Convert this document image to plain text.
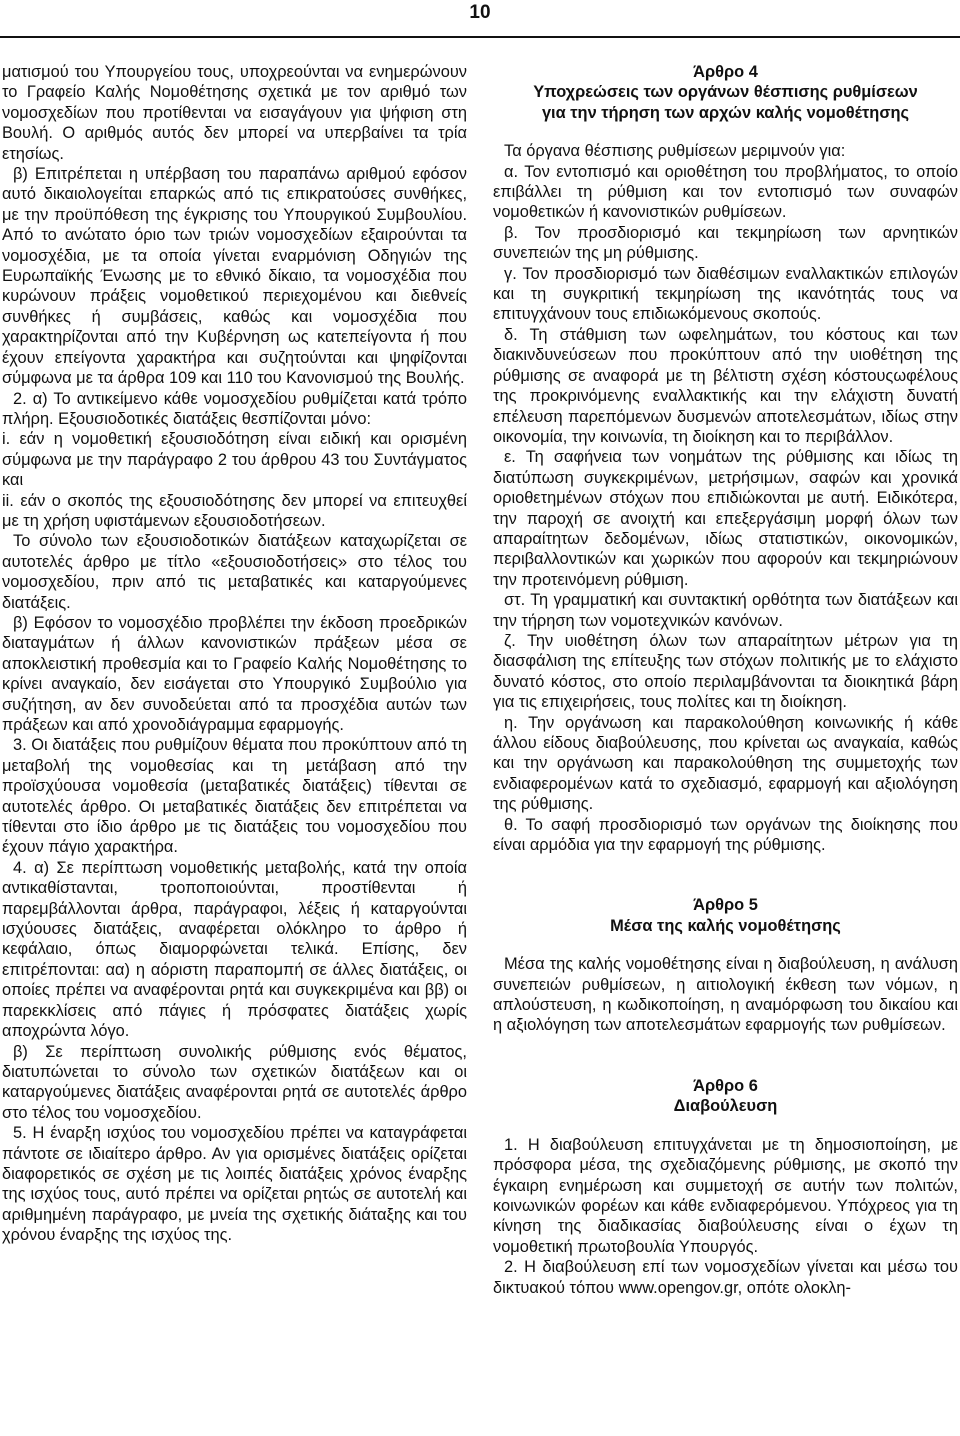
10

ματισμού του Υπουργείου τους, υποχρεούνται να ενημερώνουν το Γραφείο Καλής Νομοθέτησης σχετικά με τον αριθμό των νομοσχεδίων που προτίθενται να εισαγάγουν για ψήφιση στη Βουλή. Ο αριθμός αυτός δεν μπορεί να υπερβαίνει τα τρία ετησίως.

β) Επιτρέπεται η υπέρβαση του παραπάνω αριθμού εφόσον αυτό δικαιολογείται επαρκώς από τις επικρατούσες συνθήκες, με την προϋπόθεση της έγκρισης του Υπουργικού Συμβουλίου. Από το ανώτατο όριο των τριών νομοσχεδίων εξαιρούνται τα νομοσχέδια, με τα οποία γίνεται εναρμόνιση Οδηγιών της Ευρωπαϊκής Ένωσης με το εθνικό δίκαιο, τα νομοσχέδια που κυρώνουν πράξεις νομοθετικού περιεχομένου και διεθνείς συνθήκες ή συμβάσεις, καθώς και νομοσχέδια που χαρακτηρίζονται από την Κυβέρνηση ως κατεπείγοντα ή που έχουν επείγοντα χαρακτήρα και συζητούνται και ψηφίζονται σύμφωνα με τα άρθρα 109 και 110 του Κανονισμού της Βουλής.

2. α) Το αντικείμενο κάθε νομοσχεδίου ρυθμίζεται κατά τρόπο πλήρη. Εξουσιοδοτικές διατάξεις θεσπίζονται μόνο:

i. εάν η νομοθετική εξουσιοδότηση είναι ειδική και ορισμένη σύμφωνα με την παράγραφο 2 του άρθρου 43 του Συντάγματος και

ii. εάν ο σκοπός της εξουσιοδότησης δεν μπορεί να επιτευχθεί με τη χρήση υφιστάμενων εξουσιοδοτήσεων.

Το σύνολο των εξουσιοδοτικών διατάξεων καταχωρίζεται σε αυτοτελές άρθρο με τίτλο «εξουσιοδοτήσεις» στο τέλος του νομοσχεδίου, πριν από τις μεταβατικές και καταργούμενες διατάξεις.

β) Εφόσον το νομοσχέδιο προβλέπει την έκδοση προεδρικών διαταγμάτων ή άλλων κανονιστικών πράξεων μέσα σε αποκλειστική προθεσμία και το Γραφείο Καλής Νομοθέτησης το κρίνει αναγκαίο, δεν εισάγεται στο Υπουργικό Συμβούλιο για συζήτηση, αν δεν συνοδεύεται από τα προσχέδια αυτών των πράξεων και από χρονοδιάγραμμα εφαρμογής.

3. Οι διατάξεις που ρυθμίζουν θέματα που προκύπτουν από τη μεταβολή της νομοθεσίας και τη μετάβαση από την προϊσχύουσα νομοθεσία (μεταβατικές διατάξεις) τίθενται σε αυτοτελές άρθρο. Οι μεταβατικές διατάξεις δεν επιτρέπεται να τίθενται στο ίδιο άρθρο με τις διατάξεις του νομοσχεδίου που έχουν πάγιο χαρακτήρα.

4. α) Σε περίπτωση νομοθετικής μεταβολής, κατά την οποία αντικαθίστανται, τροποποιούνται, προστίθενται ή παρεμβάλλονται άρθρα, παράγραφοι, λέξεις ή καταργούνται ισχύουσες διατάξεις, αναφέρεται ολόκληρο το άρθρο ή κεφάλαιο, όπως διαμορφώνεται τελικά. Επίσης, δεν επιτρέπονται: αα) η αόριστη παραπομπή σε άλλες διατάξεις, οι οποίες πρέπει να αναφέρονται ρητά και συγκεκριμένα και ββ) οι παρεκκλίσεις από πάγιες ή πρόσφατες διατάξεις χωρίς αποχρώντα λόγο.

β) Σε περίπτωση συνολικής ρύθμισης ενός θέματος, διατυπώνεται το σύνολο των σχετικών διατάξεων και οι καταργούμενες διατάξεις αναφέρονται ρητά σε αυτοτελές άρθρο στο τέλος του νομοσχεδίου.

5. Η έναρξη ισχύος του νομοσχεδίου πρέπει να καταγράφεται πάντοτε σε ιδιαίτερο άρθρο. Αν για ορισμένες διατάξεις ορίζεται διαφορετικός σε σχέση με τις λοιπές διατάξεις χρόνος έναρξης της ισχύος τους, αυτό πρέπει να ορίζεται ρητώς σε αυτοτελή και αριθμημένη παράγραφο, με μνεία της σχετικής διάταξης και του χρόνου έναρξης της ισχύος της.

Άρθρο 4
Υποχρεώσεις των οργάνων θέσπισης ρυθμίσεων
για την τήρηση των αρχών καλής νομοθέτησης

Τα όργανα θέσπισης ρυθμίσεων μεριμνούν για:

α. Τον εντοπισμό και οριοθέτηση του προβλήματος, το οποίο επιβάλλει τη ρύθμιση και τον εντοπισμό των συναφών νομοθετικών ή κανονιστικών ρυθμίσεων.

β. Τον προσδιορισμό και τεκμηρίωση των αρνητικών συνεπειών της μη ρύθμισης.

γ. Τον προσδιορισμό των διαθέσιμων εναλλακτικών επιλογών και τη συγκριτική τεκμηρίωση της ικανότητάς τους να επιτυγχάνουν τους επιδιωκόμενους σκοπούς.

δ. Τη στάθμιση των ωφελημάτων, του κόστους και των διακινδυνεύσεων που προκύπτουν από την υιοθέτηση της ρύθμισης σε αναφορά με τη βέλτιστη σχέση κόστουςωφέλους της προκρινόμενης εναλλακτικής και την ελάχιστη δυνατή επέλευση παρεπόμενων δυσμενών αποτελεσμάτων, ιδίως στην οικονομία, την κοινωνία, τη διοίκηση και το περιβάλλον.

ε. Τη σαφήνεια των νοημάτων της ρύθμισης και ιδίως τη διατύπωση συγκεκριμένων, μετρήσιμων, σαφών και χρονικά οριοθετημένων στόχων που επιδιώκονται με αυτή. Ειδικότερα, την παροχή σε ανοιχτή και επεξεργάσιμη μορφή όλων των απαραίτητων δεδομένων, ιδίως στατιστικών, οικονομικών, περιβαλλοντικών και χωρικών που αφορούν και τεκμηριώνουν την προτεινόμενη ρύθμιση.

στ. Τη γραμματική και συντακτική ορθότητα των διατάξεων και την τήρηση των νομοτεχνικών κανόνων.

ζ. Την υιοθέτηση όλων των απαραίτητων μέτρων για τη διασφάλιση της επίτευξης των στόχων πολιτικής με το ελάχιστο δυνατό κόστος, στο οποίο περιλαμβάνονται τα διοικητικά βάρη για τις επιχειρήσεις, τους πολίτες και τη διοίκηση.

η. Την οργάνωση και παρακολούθηση κοινωνικής ή κάθε άλλου είδους διαβούλευσης, που κρίνεται ως αναγκαία, καθώς και την οργάνωση και παρακολούθηση της συμμετοχής των ενδιαφερομένων κατά το σχεδιασμό, εφαρμογή και αξιολόγηση της ρύθμισης.

θ. Το σαφή προσδιορισμό των οργάνων της διοίκησης που είναι αρμόδια για την εφαρμογή της ρύθμισης.

Άρθρο 5
Μέσα της καλής νομοθέτησης

Μέσα της καλής νομοθέτησης είναι η διαβούλευση, η ανάλυση συνεπειών ρυθμίσεων, η αιτιολογική έκθεση των νόμων, η απλούστευση, η κωδικοποίηση, η αναμόρφωση του δικαίου και η αξιολόγηση των αποτελεσμάτων εφαρμογής των ρυθμίσεων.

Άρθρο 6
Διαβούλευση

1. Η διαβούλευση επιτυγχάνεται με τη δημοσιοποίηση, με πρόσφορα μέσα, της σχεδιαζόμενης ρύθμισης, με σκοπό την έγκαιρη ενημέρωση και συμμετοχή σε αυτήν των πολιτών, κοινωνικών φορέων και κάθε ενδιαφερόμενου. Υπόχρεος για τη κίνηση της διαδικασίας διαβούλευσης είναι ο έχων τη νομοθετική πρωτοβουλία Υπουργός.

2. Η διαβούλευση επί των νομοσχεδίων γίνεται και μέσω του δικτυακού τόπου www.opengov.gr, οπότε ολοκλη-
